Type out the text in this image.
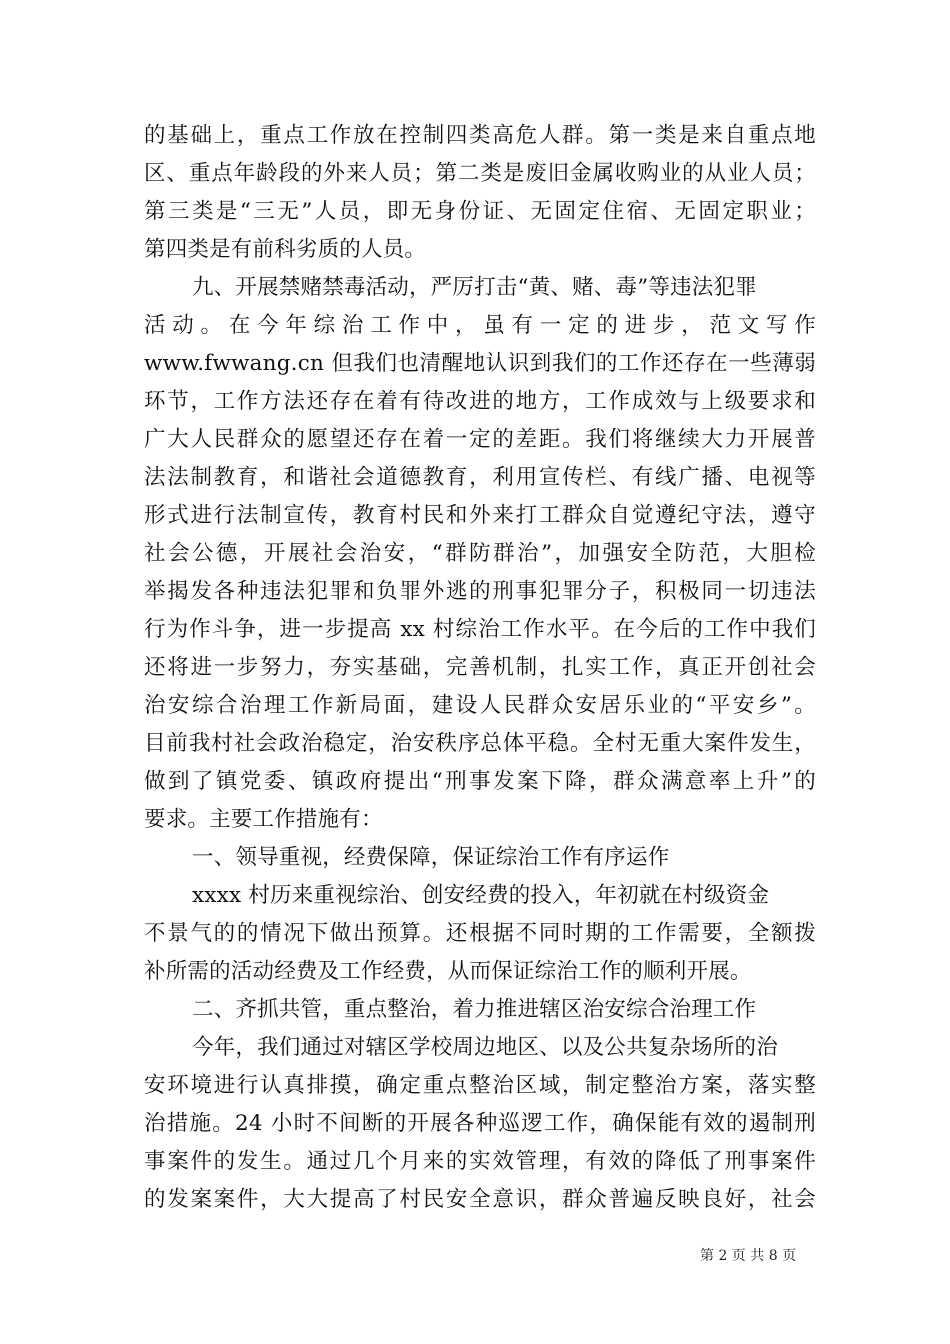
的基础上，重点工作放在控制四类高危人群。第一类是来自重点地
区、重点年龄段的外来人员；第二类是废旧金属收购业的从业人员；
第三类是“三无”人员，即无身份证、无固定住宿、无固定职业；
第四类是有前科劣质的人员。
九、开展禁赌禁毒活动，严厉打击“黄、赌、毒”等违法犯罪
活动。在今年综治工作中，虽有一定的进步，范文写作
www.fwwang.cn 但我们也清醒地认识到我们的工作还存在一些薄弱
环节，工作方法还存在着有待改进的地方，工作成效与上级要求和
广大人民群众的愿望还存在着一定的差距。我们将继续大力开展普
法法制教育，和谐社会道德教育，利用宣传栏、有线广播、电视等
形式进行法制宣传，教育村民和外来打工群众自觉遵纪守法，遵守
社会公德，开展社会治安，“群防群治”，加强安全防范，大胆检
举揭发各种违法犯罪和负罪外逃的刑事犯罪分子，积极同一切违法
行为作斗争，进一步提高 xx 村综治工作水平。在今后的工作中我们
还将进一步努力，夯实基础，完善机制，扎实工作，真正开创社会
治安综合治理工作新局面，建设人民群众安居乐业的“平安乡”。
目前我村社会政治稳定，治安秩序总体平稳。全村无重大案件发生，
做到了镇党委、镇政府提出“刑事发案下降，群众满意率上升”的
要求。主要工作措施有：
一、领导重视，经费保障，保证综治工作有序运作
xxxx 村历来重视综治、创安经费的投入，年初就在村级资金
不景气的的情况下做出预算。还根据不同时期的工作需要，全额拨
补所需的活动经费及工作经费，从而保证综治工作的顺利开展。
二、齐抓共管，重点整治，着力推进辖区治安综合治理工作
今年，我们通过对辖区学校周边地区、以及公共复杂场所的治
安环境进行认真排摸，确定重点整治区域，制定整治方案，落实整
治措施。24 小时不间断的开展各种巡逻工作，确保能有效的遏制刑
事案件的发生。通过几个月来的实效管理，有效的降低了刑事案件
的发案案件，大大提高了村民安全意识，群众普遍反映良好，社会
第 2 页 共 8 页
